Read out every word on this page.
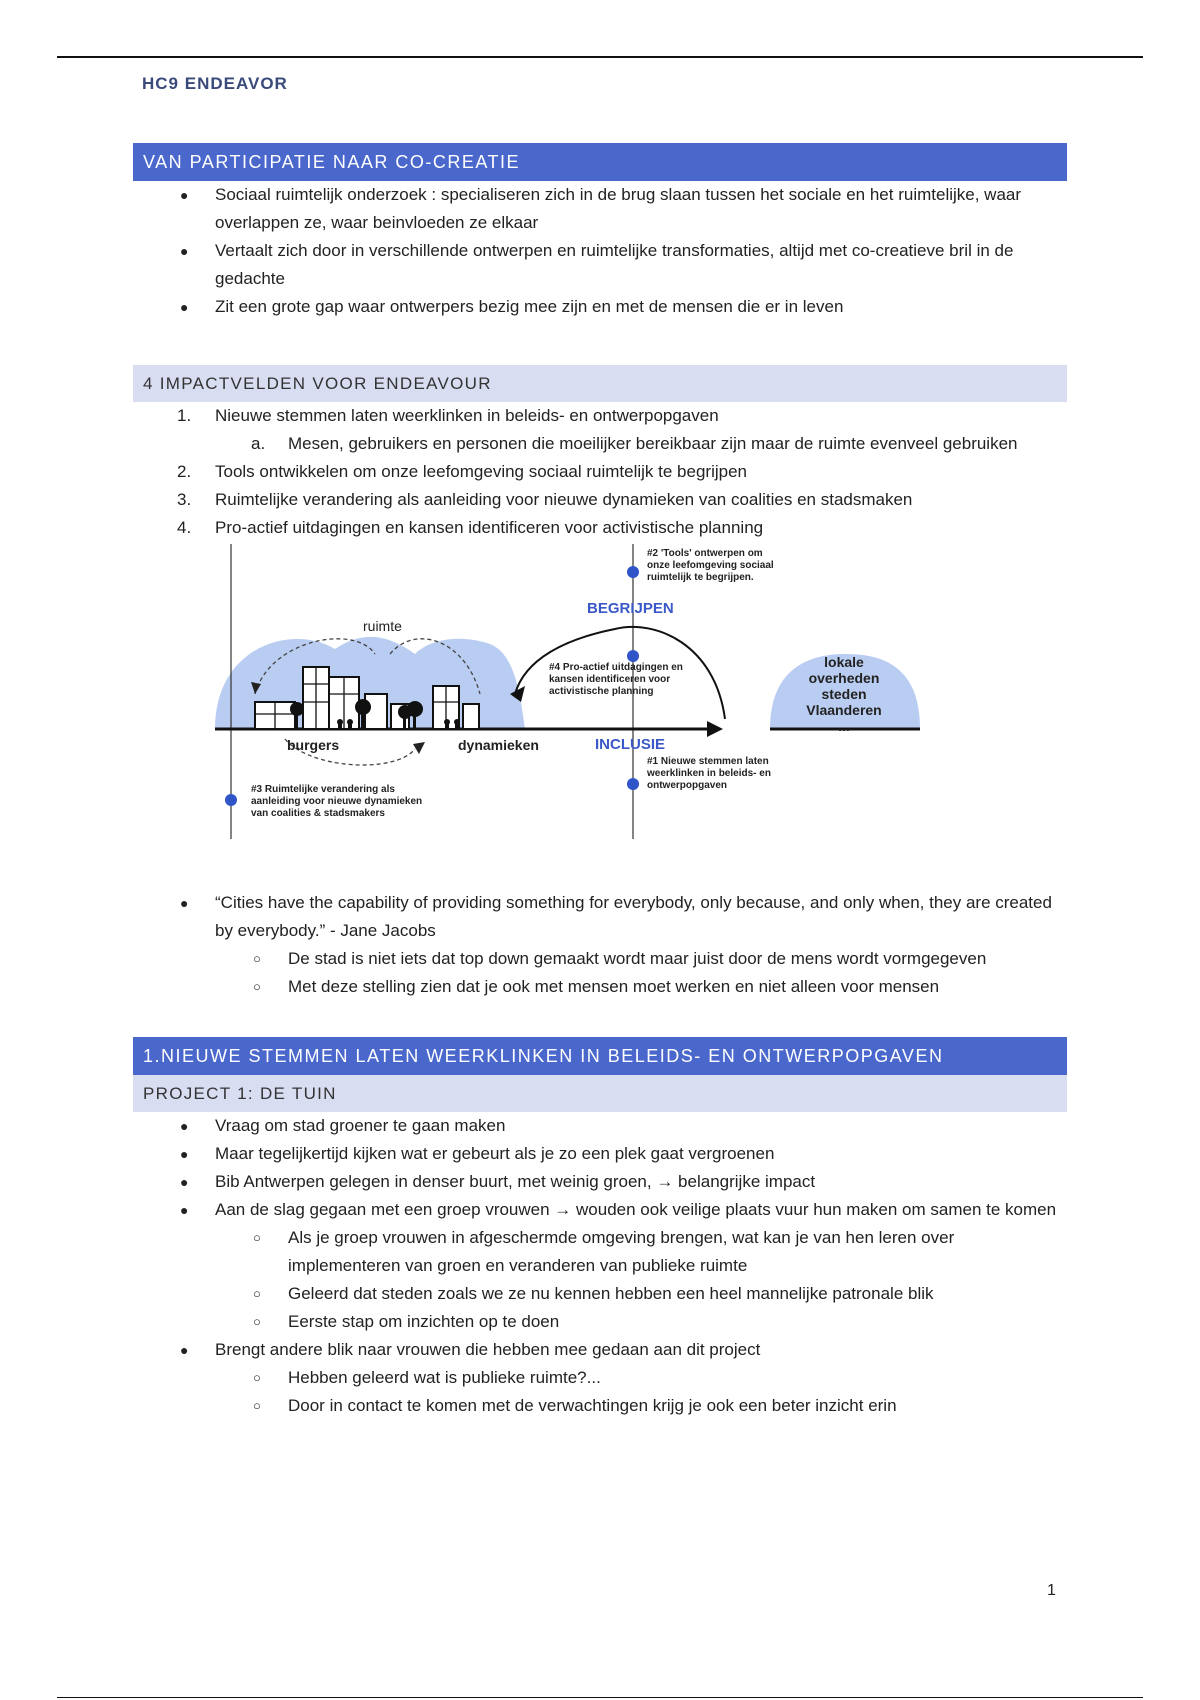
HC9 ENDEAVOR
VAN PARTICIPATIE NAAR CO-CREATIE
● Sociaal ruimtelijk onderzoek : specialiseren zich in de brug slaan tussen het sociale en het ruimtelijke, waar overlappen ze, waar beinvloeden ze elkaar
● Vertaalt zich door in verschillende ontwerpen en ruimtelijke transformaties, altijd met co-creatieve bril in de gedachte
● Zit een grote gap waar ontwerpers bezig mee zijn en met de mensen die er in leven
4 IMPACTVELDEN VOOR ENDEAVOUR
1. Nieuwe stemmen laten weerklinken in beleids- en ontwerpopgaven
a. Mesen, gebruikers en personen die moeilijker bereikbaar zijn maar de ruimte evenveel gebruiken
2. Tools ontwikkelen om onze leefomgeving sociaal ruimtelijk te begrijpen
3. Ruimtelijke verandering als aanleiding voor nieuwe dynamieken van coalities en stadsmaken
4. Pro-actief uitdagingen en kansen identificeren voor activistische planning
ruimte
burgers	dynamieken
BEGRIJPEN
INCLUSIE
lokale
overheden
steden
Vlaanderen
...
#2 'Tools' ontwerpen om onze leefomgeving sociaal ruimtelijk te begrijpen.
#4 Pro-actief uitdagingen en kansen identificeren voor activistische planning
#1 Nieuwe stemmen laten weerklinken in beleids- en ontwerpopgaven
#3 Ruimtelijke verandering als aanleiding voor nieuwe dynamieken van coalities & stadsmakers
● “Cities have the capability of providing something for everybody, only because, and only when, they are created by everybody.” - Jane Jacobs
○ De stad is niet iets dat top down gemaakt wordt maar juist door de mens wordt vormgegeven
○ Met deze stelling zien dat je ook met mensen moet werken en niet alleen voor mensen
1.NIEUWE STEMMEN LATEN WEERKLINKEN IN BELEIDS- EN ONTWERPOPGAVEN
PROJECT 1: DE TUIN
● Vraag om stad groener te gaan maken
● Maar tegelijkertijd kijken wat er gebeurt als je zo een plek gaat vergroenen
● Bib Antwerpen gelegen in denser buurt, met weinig groen, → belangrijke impact
● Aan de slag gegaan met een groep vrouwen → wouden ook veilige plaats vuur hun maken om samen te komen
○ Als je groep vrouwen in afgeschermde omgeving brengen, wat kan je van hen leren over implementeren van groen en veranderen van publieke ruimte
○ Geleerd dat steden zoals we ze nu kennen hebben een heel mannelijke patronale blik
○ Eerste stap om inzichten op te doen
● Brengt andere blik naar vrouwen die hebben mee gedaan aan dit project
○ Hebben geleerd wat is publieke ruimte?...
○ Door in contact te komen met de verwachtingen krijg je ook een beter inzicht erin
1
